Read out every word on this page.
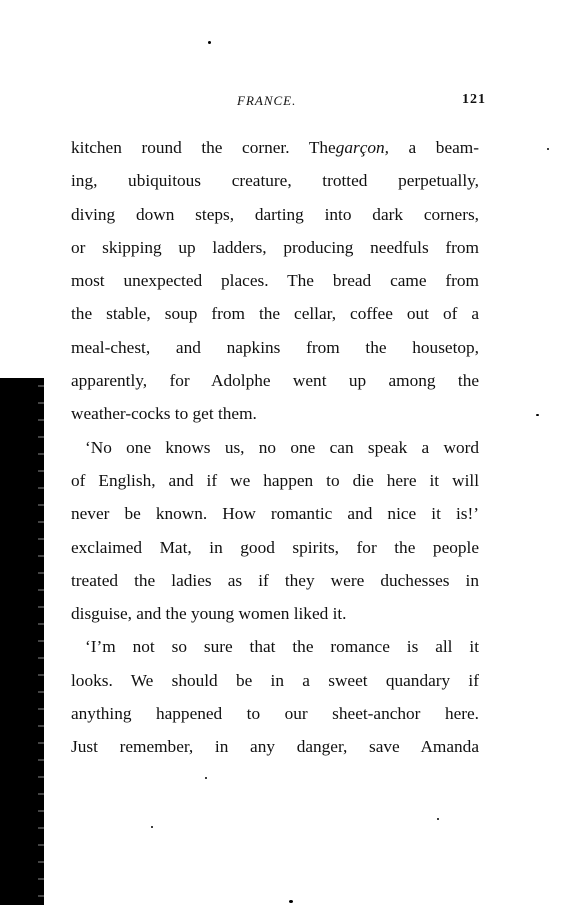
FRANCE.	121
kitchen round the corner. Thegarçon, a beam-
ing, ubiquitous creature, trotted perpetually,
diving down steps, darting into dark corners,
or skipping up ladders, producing needfuls from
most unexpected places. The bread came from
the stable, soup from the cellar, coffee out of a
meal-chest, and napkins from the housetop,
apparently, for Adolphe went up among the
weather-cocks to get them.
‘No one knows us, no one can speak a word
of English, and if we happen to die here it will
never be known. How romantic and nice it is!’
exclaimed Mat, in good spirits, for the people
treated the ladies as if they were duchesses in
disguise, and the young women liked it.
‘I’m not so sure that the romance is all it
looks. We should be in a sweet quandary if
anything happened to our sheet-anchor here.
Just remember, in any danger, save Amanda
